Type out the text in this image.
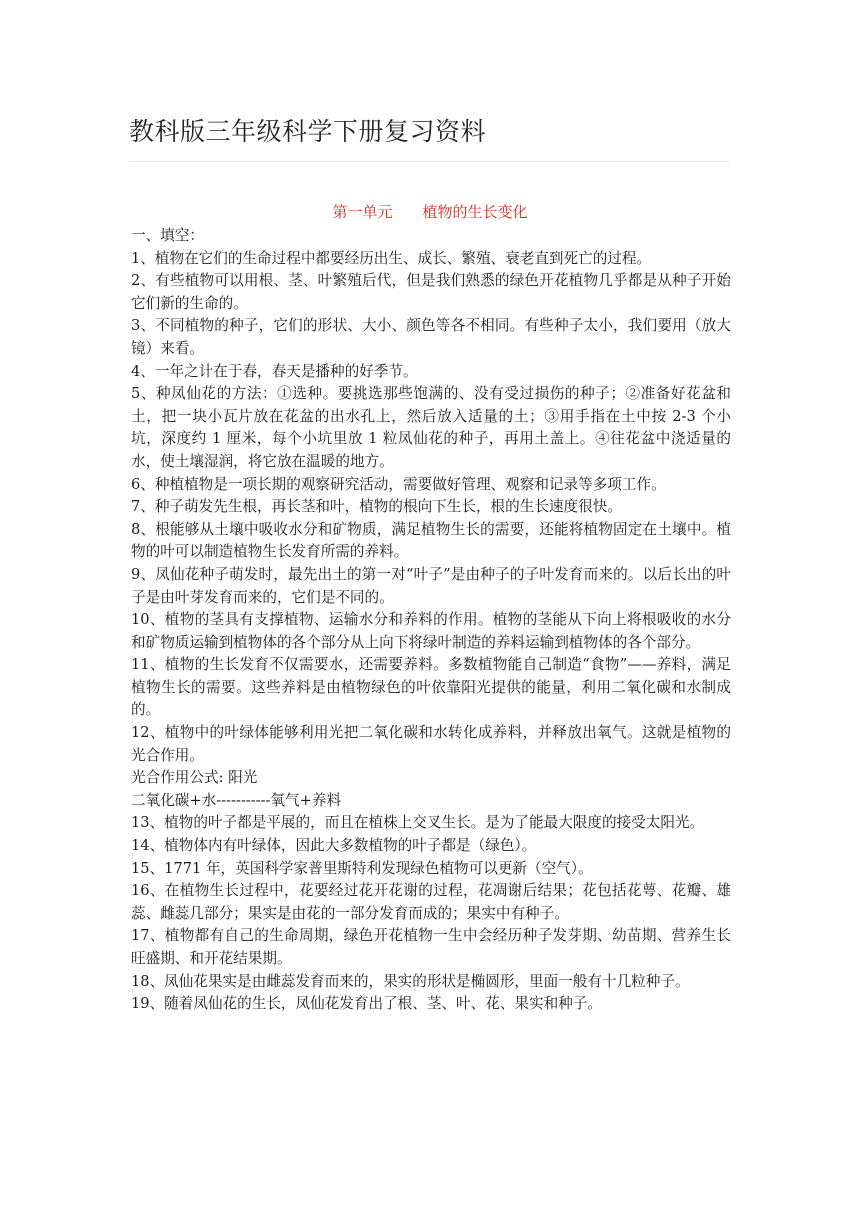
教科版三年级科学下册复习资料
第一单元　　植物的生长变化

一、填空：

1、植物在它们的生命过程中都要经历出生、成长、繁殖、衰老直到死亡的过程。

2、有些植物可以用根、茎、叶繁殖后代，但是我们熟悉的绿色开花植物几乎都是从种子开始它们新的生命的。

3、不同植物的种子，它们的形状、大小、颜色等各不相同。有些种子太小，我们要用（放大镜）来看。

4、一年之计在于春，春天是播种的好季节。

5、种凤仙花的方法：①选种。要挑选那些饱满的、没有受过损伤的种子；②准备好花盆和土，把一块小瓦片放在花盆的出水孔上，然后放入适量的土；③用手指在土中按 2-3 个小坑，深度约 1 厘米，每个小坑里放 1 粒凤仙花的种子，再用土盖上。④往花盆中浇适量的水，使土壤湿润，将它放在温暖的地方。

6、种植植物是一项长期的观察研究活动，需要做好管理、观察和记录等多项工作。

7、种子萌发先生根，再长茎和叶，植物的根向下生长，根的生长速度很快。

8、根能够从土壤中吸收水分和矿物质，满足植物生长的需要，还能将植物固定在土壤中。植物的叶可以制造植物生长发育所需的养料。

9、凤仙花种子萌发时，最先出土的第一对“叶子”是由种子的子叶发育而来的。以后长出的叶子是由叶芽发育而来的，它们是不同的。

10、植物的茎具有支撑植物、运输水分和养料的作用。植物的茎能从下向上将根吸收的水分和矿物质运输到植物体的各个部分从上向下将绿叶制造的养料运输到植物体的各个部分。

11、植物的生长发育不仅需要水，还需要养料。多数植物能自己制造“食物”——养料，满足植物生长的需要。这些养料是由植物绿色的叶依靠阳光提供的能量，利用二氧化碳和水制成的。

12、植物中的叶绿体能够利用光把二氧化碳和水转化成养料，并释放出氧气。这就是植物的光合作用。

光合作用公式: 阳光

二氧化碳+水-----------氧气+养料

13、植物的叶子都是平展的，而且在植株上交叉生长。是为了能最大限度的接受太阳光。

14、植物体内有叶绿体，因此大多数植物的叶子都是（绿色）。

15、1771 年，英国科学家普里斯特利发现绿色植物可以更新（空气）。

16、在植物生长过程中，花要经过花开花谢的过程，花凋谢后结果；花包括花萼、花瓣、雄蕊、雌蕊几部分；果实是由花的一部分发育而成的；果实中有种子。

17、植物都有自己的生命周期，绿色开花植物一生中会经历种子发芽期、幼苗期、营养生长旺盛期、和开花结果期。

18、凤仙花果实是由雌蕊发育而来的，果实的形状是椭圆形，里面一般有十几粒种子。

19、随着凤仙花的生长，凤仙花发育出了根、茎、叶、花、果实和种子。
